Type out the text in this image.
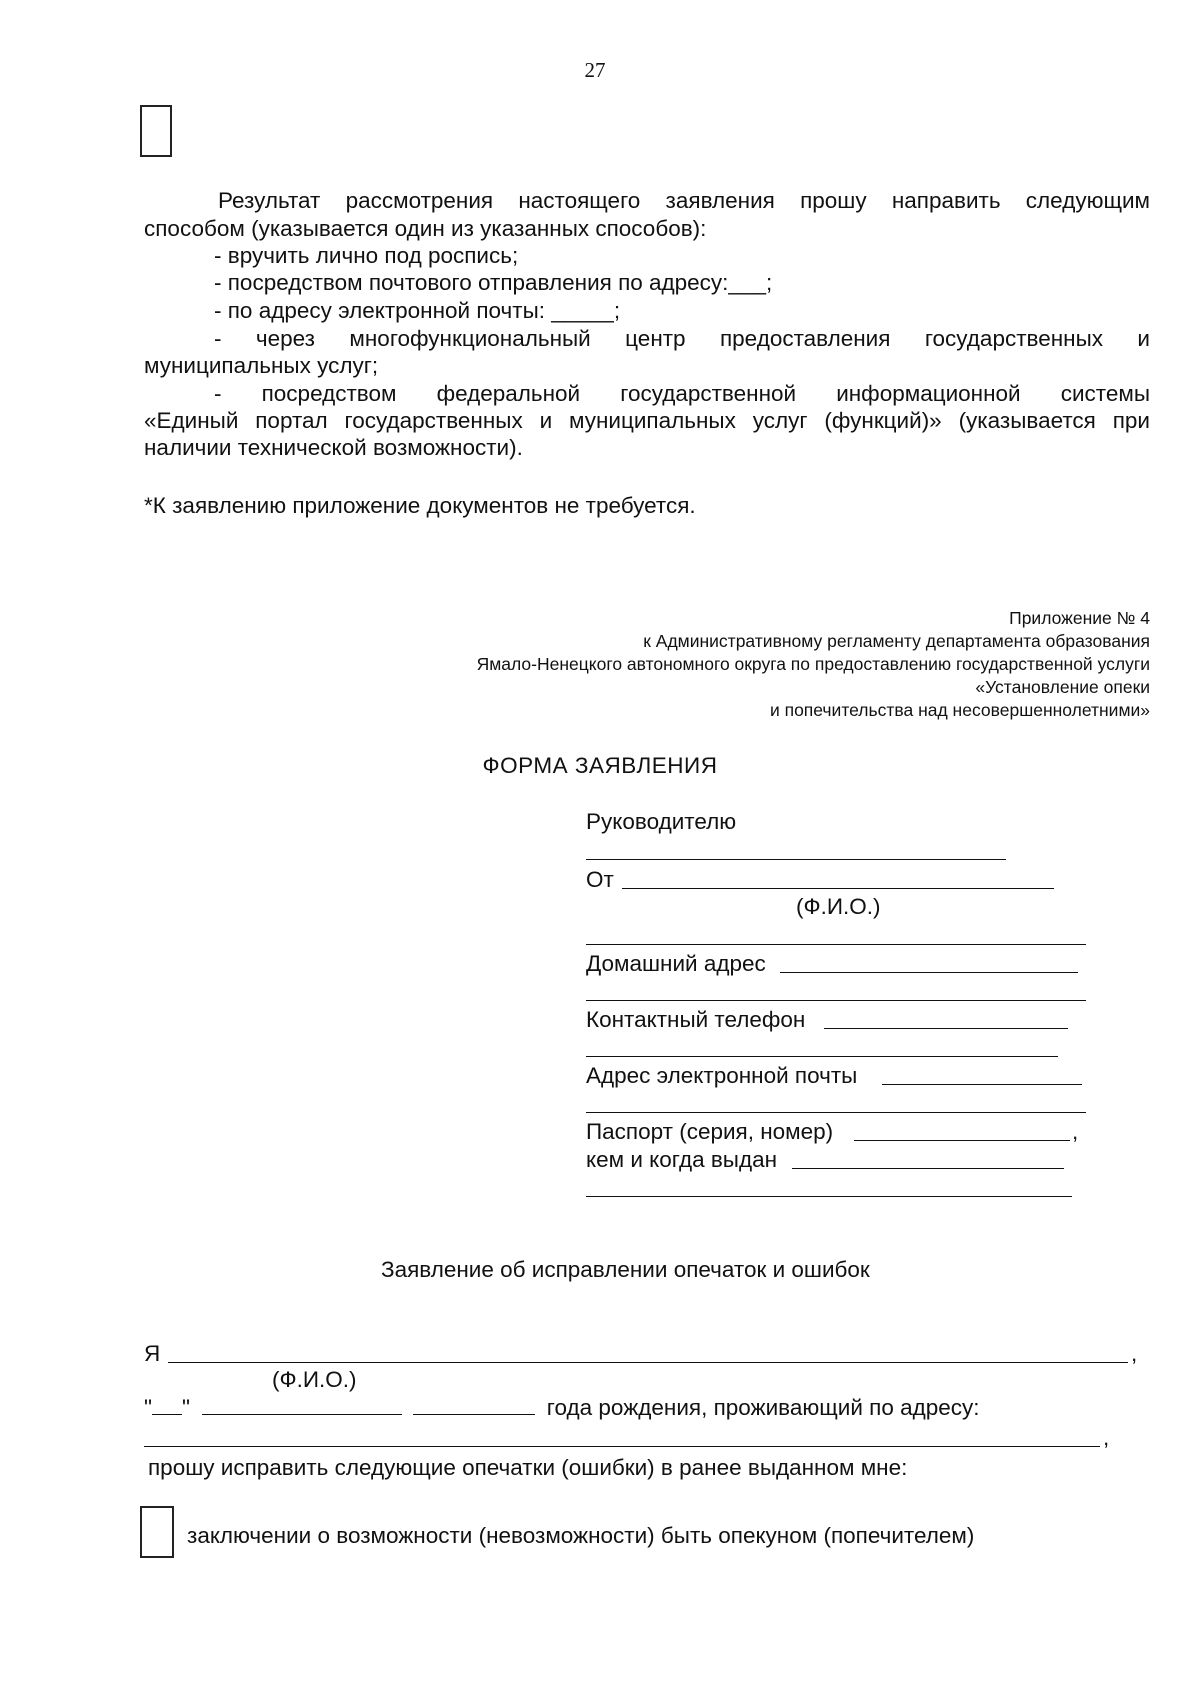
27
Результат рассмотрения настоящего заявления прошу направить следующим
способом (указывается один из указанных способов):
- вручить лично под роспись;
- посредством почтового отправления по адресу:___;
- по адресу электронной почты: _____;
- через многофункциональный центр предоставления государственных и
муниципальных услуг;
- посредством федеральной государственной информационной системы
«Единый портал государственных и муниципальных услуг (функций)» (указывается при
наличии технической возможности).
*К заявлению приложение документов не требуется.
Приложение № 4
к Административному регламенту департамента образования
Ямало-Ненецкого автономного округа по предоставлению государственной услуги
«Установление опеки
и попечительства над несовершеннолетними»
ФОРМА ЗАЯВЛЕНИЯ
Руководителю
От
(Ф.И.О.)
Домашний адрес
Контактный телефон
Адрес электронной почты
Паспорт (серия, номер)	,
кем и когда выдан
Заявление об исправлении опечаток и ошибок
Я	,
(Ф.И.О.)
" "	года рождения, проживающий по адресу:
,
прошу исправить следующие опечатки (ошибки) в ранее выданном мне:
заключении о возможности (невозможности) быть опекуном (попечителем)
